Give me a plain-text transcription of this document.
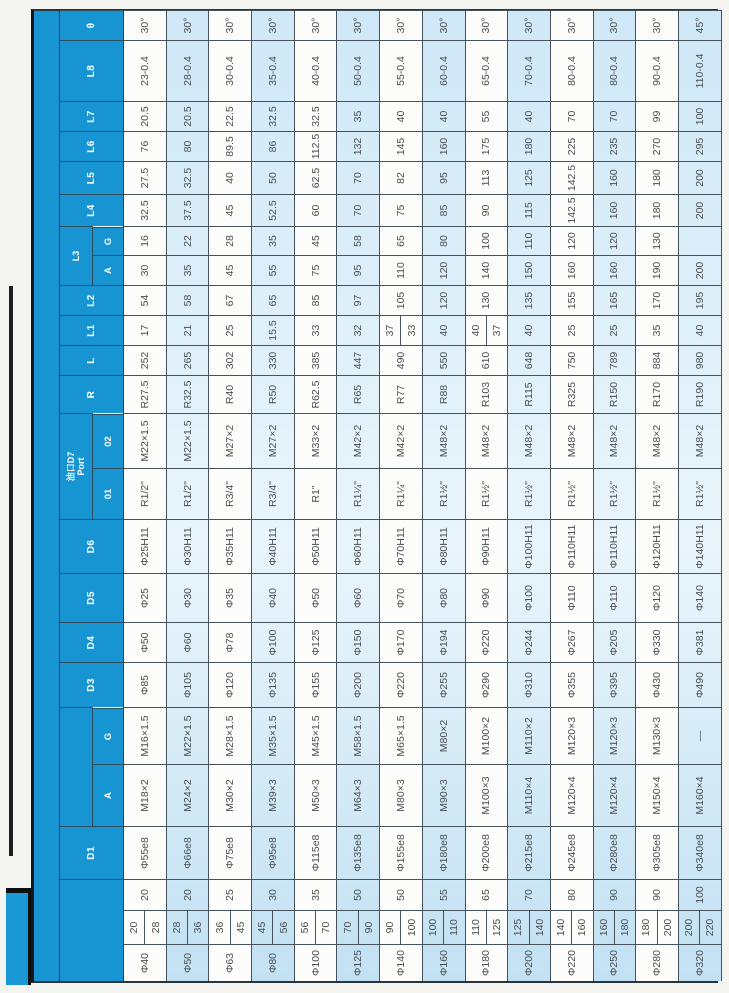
D1
A
G
D3
D4
D5
D6
油口D7 Port
01
02
R
L
L1
L2
L3
A
G
L4
L5
L6
L7
L8
θ
Φ40
20 28
20
Φ55e8
M18×2
M16×1.5
Φ85
Φ50
Φ25
Φ25H11
R1/2"
M22×1.5
R27.5
252
17
54
30
16
32.5
27.5
76
20.5
23-0.4
30°
Φ50
28 36
20
Φ66e8
M24×2
M22×1.5
Φ105
Φ60
Φ30
Φ30H11
R1/2"
M22×1.5
R32.5
265
21
58
35
22
37.5
32.5
80
20.5
28-0.4
30°
Φ63
36 45
25
Φ75e8
M30×2
M28×1.5
Φ120
Φ78
Φ35
Φ35H11
R3/4"
M27×2
R40
302
25
67
45
28
45
40
89.5
22.5
30-0.4
30°
Φ80
45 56
30
Φ95e8
M39×3
M35×1.5
Φ135
Φ100
Φ40
Φ40H11
R3/4"
M27×2
R50
330
15.5
65
55
35
52.5
50
86
32.5
35-0.4
30°
Φ100
56 70
35
Φ115e8
M50×3
M45×1.5
Φ155
Φ125
Φ50
Φ50H11
R1"
M33×2
R62.5
385
33
85
75
45
60
62.5
112.5
32.5
40-0.4
30°
Φ125
70 90
50
Φ135e8
M64×3
M58×1.5
Φ200
Φ150
Φ60
Φ60H11
R1¼"
M42×2
R65
447
32
97
95
58
70
70
132
35
50-0.4
30°
Φ140
90 100
50
Φ155e8
M80×3
M65×1.5
Φ220
Φ170
Φ70
Φ70H11
R1¼"
M42×2
R77
490
37 33
105
110
65
75
82
145
40
55-0.4
30°
Φ160
100 110
55
Φ180e8
M90×3
M80×2
Φ255
Φ194
Φ80
Φ80H11
R1½"
M48×2
R88
550
40
120
120
80
85
95
160
40
60-0.4
30°
Φ180
110 125
65
Φ200e8
M100×3
M100×2
Φ290
Φ220
Φ90
Φ90H11
R1½"
M48×2
R103
610
40 37
130
140
100
90
113
175
55
65-0.4
30°
Φ200
125 140
70
Φ215e8
M110×4
M110×2
Φ310
Φ244
Φ100
Φ100H11
R1½"
M48×2
R115
648
40
135
150
110
115
125
180
40
70-0.4
30°
Φ220
140 160
80
Φ245e8
M120×4
M120×3
Φ355
Φ267
Φ110
Φ110H11
R1½"
M48×2
R325
750
25
155
160
120
142.5
142.5
225
70
80-0.4
30°
Φ250
160 180
90
Φ280e8
M120×4
M120×3
Φ395
Φ205
Φ110
Φ110H11
R1½"
M48×2
R150
789
25
165
160
120
160
160
235
70
80-0.4
30°
Φ280
180 200
90
Φ305e8
M150×4
M130×3
Φ430
Φ330
Φ120
Φ120H11
R1½"
M48×2
R170
884
35
170
190
130
180
180
270
99
90-0.4
30°
Φ320
200 220
100
Φ340e8
M160×4
—
Φ490
Φ381
Φ140
Φ140H11
R1½"
M48×2
R190
980
40
195
200
200
200
295
100
110-0.4
45°
